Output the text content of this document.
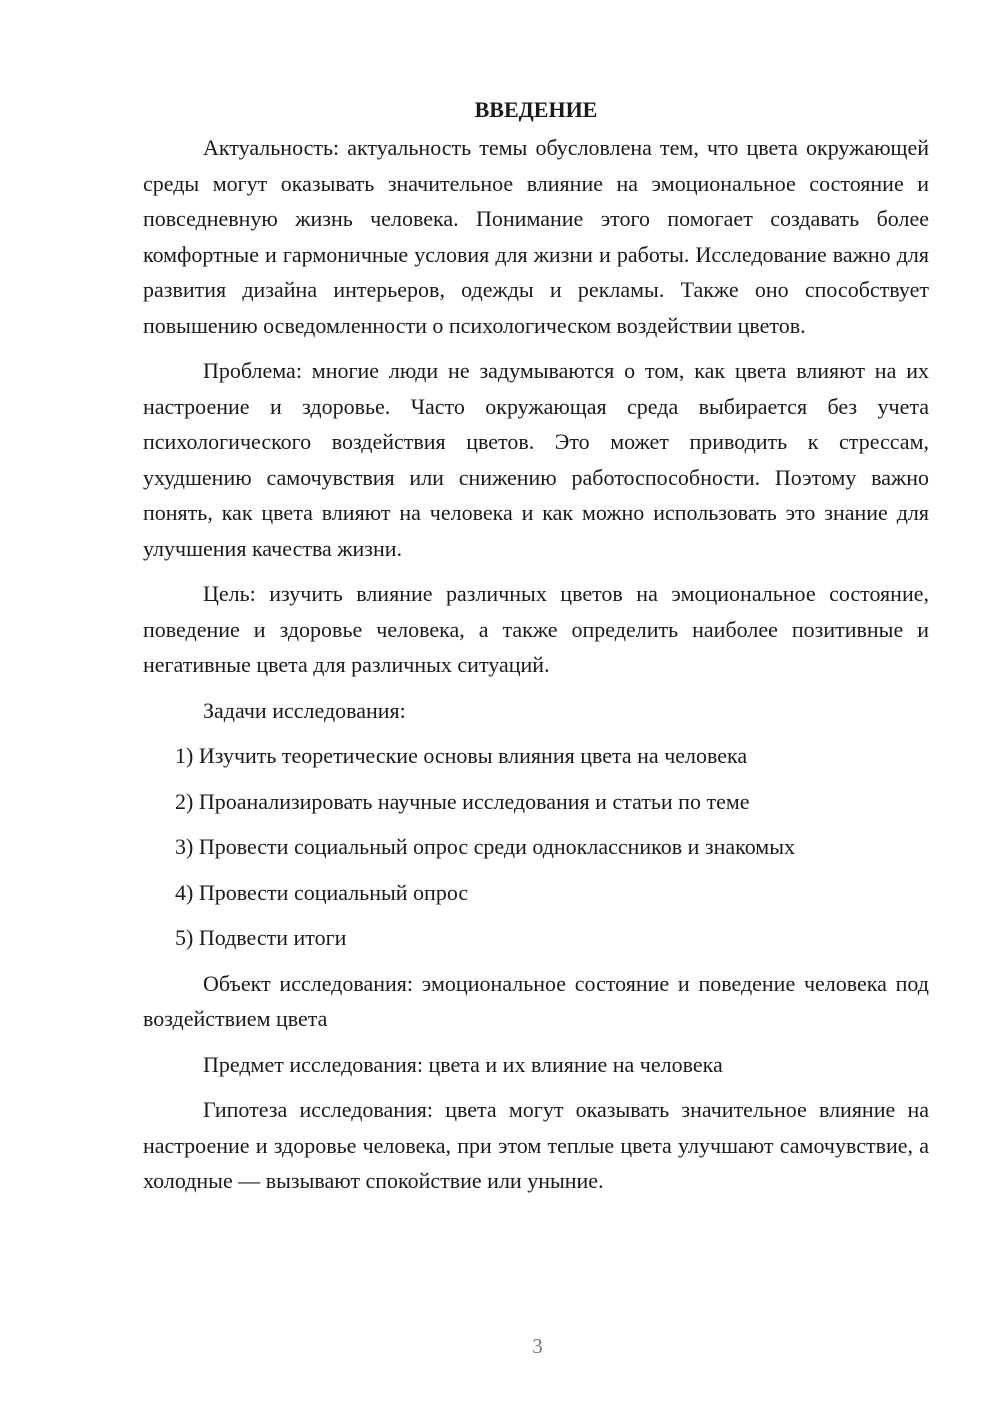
ВВЕДЕНИЕ

Актуальность: актуальность темы обусловлена тем, что цвета окружающей среды могут оказывать значительное влияние на эмоциональное состояние и повседневную жизнь человека. Понимание этого помогает создавать более комфортные и гармоничные условия для жизни и работы. Исследование важно для развития дизайна интерьеров, одежды и рекламы. Также оно способствует повышению осведомленности о психологическом воздействии цветов.

Проблема: многие люди не задумываются о том, как цвета влияют на их настроение и здоровье. Часто окружающая среда выбирается без учета психологического воздействия цветов. Это может приводить к стрессам, ухудшению самочувствия или снижению работоспособности. Поэтому важно понять, как цвета влияют на человека и как можно использовать это знание для улучшения качества жизни.

Цель: изучить влияние различных цветов на эмоциональное состояние, поведение и здоровье человека, а также определить наиболее позитивные и негативные цвета для различных ситуаций.

Задачи исследования:

1) Изучить теоретические основы влияния цвета на человека
2) Проанализировать научные исследования и статьи по теме
3) Провести социальный опрос среди одноклассников и знакомых
4) Провести социальный опрос
5) Подвести итоги

Объект исследования: эмоциональное состояние и поведение человека под воздействием цвета

Предмет исследования: цвета и их влияние на человека

Гипотеза исследования: цвета могут оказывать значительное влияние на настроение и здоровье человека, при этом теплые цвета улучшают самочувствие, а холодные — вызывают спокойствие или уныние.

3
